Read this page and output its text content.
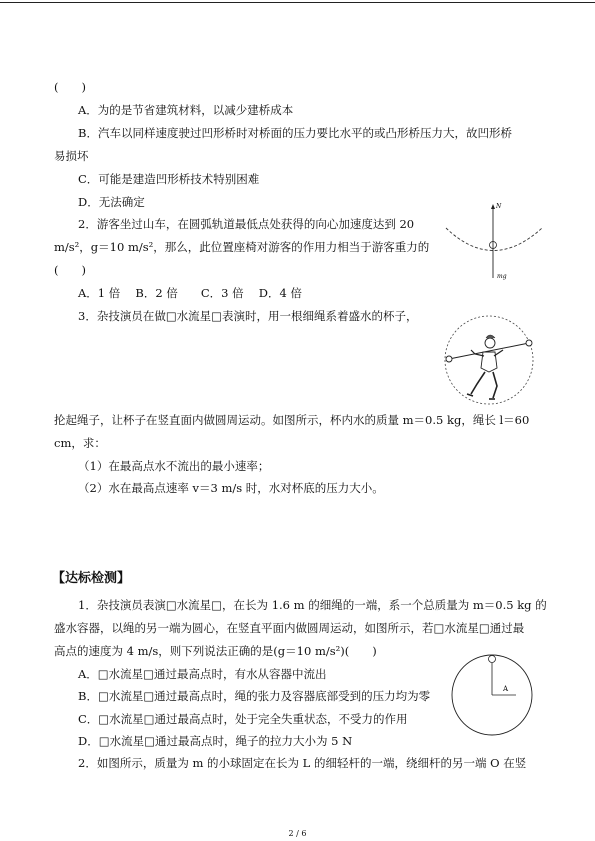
(　　)
A．为的是节省建筑材料，以减少建桥成本
B．汽车以同样速度驶过凹形桥时对桥面的压力要比水平的或凸形桥压力大，故凹形桥
易损坏
C．可能是建造凹形桥技术特别困难
D．无法确定
2．游客坐过山车，在圆弧轨道最低点处获得的向心加速度达到 20
m/s²，g＝10 m/s²，那么，此位置座椅对游客的作用力相当于游客重力的
(　　)
A．1 倍　 B．2 倍　　C．3 倍　 D．4 倍
3．杂技演员在做□水流星□表演时，用一根细绳系着盛水的杯子，
抡起绳子，让杯子在竖直面内做圆周运动。如图所示，杯内水的质量 m＝0.5 kg，绳长 l＝60
cm，求：
（1）在最高点水不流出的最小速率；
（2）水在最高点速率 v＝3 m/s 时，水对杯底的压力大小。
【达标检测】
1．杂技演员表演□水流星□，在长为 1.6 m 的细绳的一端，系一个总质量为 m＝0.5 kg 的
盛水容器，以绳的另一端为圆心，在竖直平面内做圆周运动，如图所示，若□水流星□通过最
高点的速度为 4 m/s，则下列说法正确的是(g＝10 m/s²)(　　)
A．□水流星□通过最高点时，有水从容器中流出
B．□水流星□通过最高点时，绳的张力及容器底部受到的压力均为零
C．□水流星□通过最高点时，处于完全失重状态，不受力的作用
D．□水流星□通过最高点时，绳子的拉力大小为 5 N
2．如图所示，质量为 m 的小球固定在长为 L 的细轻杆的一端，绕细杆的另一端 O 在竖
2 / 6
N
mg
A
